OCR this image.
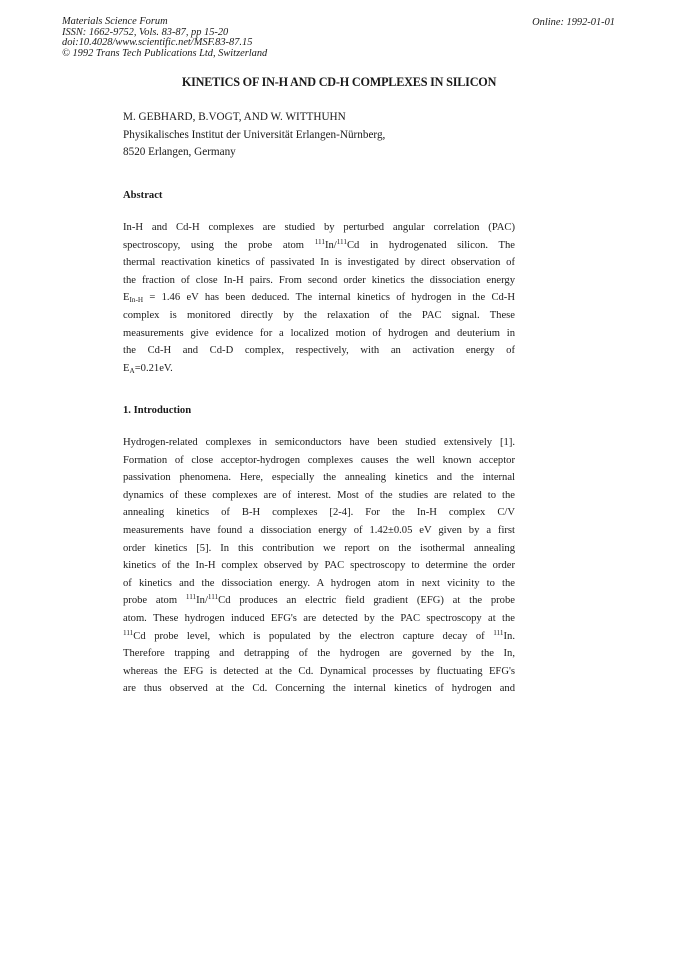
Materials Science Forum
ISSN: 1662-9752, Vols. 83-87, pp 15-20
doi:10.4028/www.scientific.net/MSF.83-87.15
© 1992 Trans Tech Publications Ltd, Switzerland
Online: 1992-01-01
KINETICS OF IN-H AND CD-H COMPLEXES IN SILICON
M. GEBHARD, B.VOGT, AND W. WITTHUHN
Physikalisches Institut der Universität Erlangen-Nürnberg,
8520 Erlangen, Germany
Abstract
In-H and Cd-H complexes are studied by perturbed angular correlation (PAC)
spectroscopy, using the probe atom $^{111}$In/$^{111}$Cd in hydrogenated silicon. The
thermal reactivation kinetics of passivated In is investigated by direct observation of
the fraction of close In-H pairs. From second order kinetics the dissociation energy
$E_{In-H} = 1.46$ eV has been deduced. The internal kinetics of hydrogen in the Cd-H
complex is monitored directly by the relaxation of the PAC signal. These
measurements give evidence for a localized motion of hydrogen and deuterium in
the Cd-H and Cd-D complex, respectively, with an activation energy of
$E_A=0.21eV$.
1. Introduction
Hydrogen-related complexes in semiconductors have been studied extensively [1].
Formation of close acceptor-hydrogen complexes causes the well known acceptor
passivation phenomena. Here, especially the annealing kinetics and the internal
dynamics of these complexes are of interest. Most of the studies are related to the
annealing kinetics of B-H complexes [2-4]. For the In-H complex C/V
measurements have found a dissociation energy of 1.42±0.05 eV given by a first
order kinetics [5]. In this contribution we report on the isothermal annealing
kinetics of the In-H complex observed by PAC spectroscopy to determine the order
of kinetics and the dissociation energy. A hydrogen atom in next vicinity to the
probe atom $^{111}$In/$^{111}$Cd produces an electric field gradient (EFG) at the probe
atom. These hydrogen induced EFG's are detected by the PAC spectroscopy at the
$^{111}$Cd probe level, which is populated by the electron capture decay of $^{111}$In.
Therefore trapping and detrapping of the hydrogen are governed by the In,
whereas the EFG is detected at the Cd. Dynamical processes by fluctuating EFG's
are thus observed at the Cd. Concerning the internal kinetics of hydrogen and
